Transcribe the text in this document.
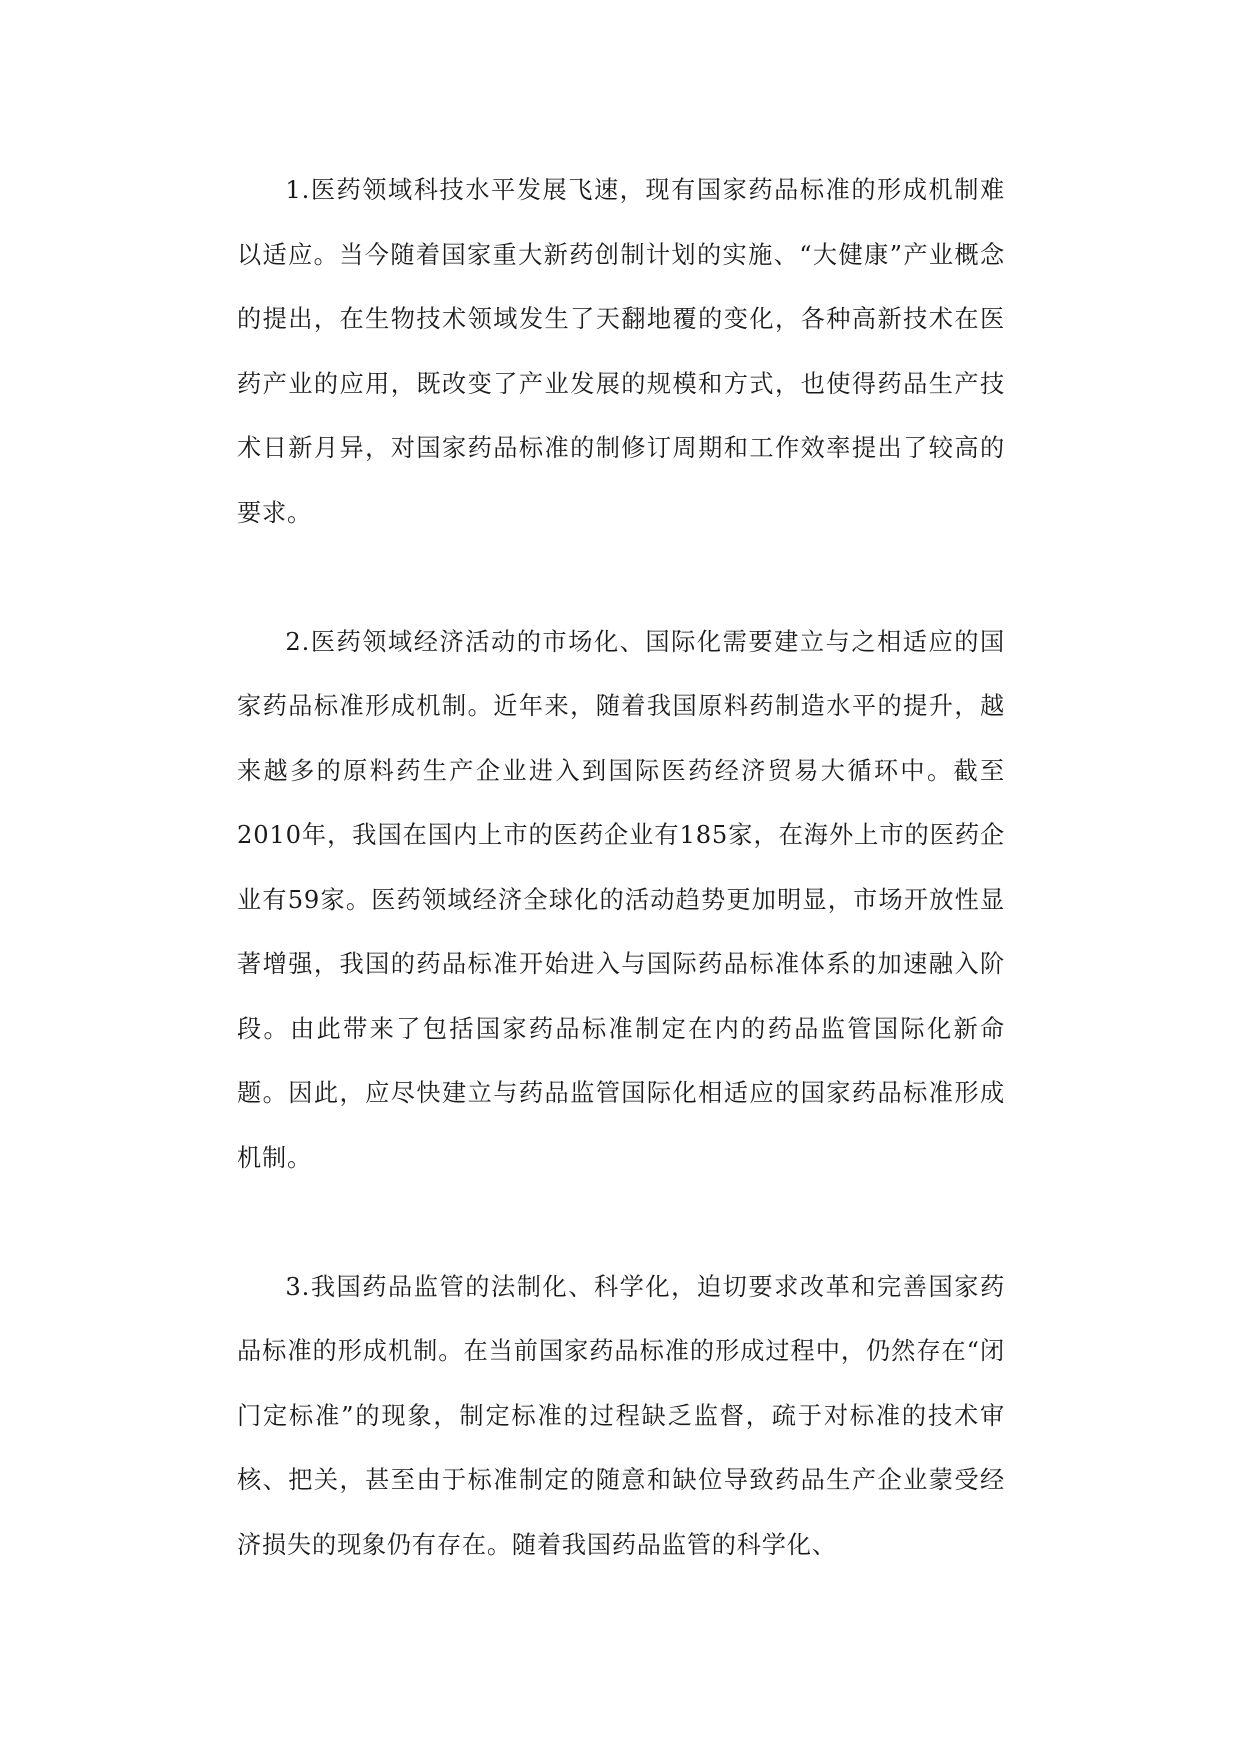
1.医药领域科技水平发展飞速，现有国家药品标准的形成机制难以适应。当今随着国家重大新药创制计划的实施、“大健康”产业概念的提出，在生物技术领域发生了天翻地覆的变化，各种高新技术在医药产业的应用，既改变了产业发展的规模和方式，也使得药品生产技术日新月异，对国家药品标准的制修订周期和工作效率提出了较高的要求。

2.医药领域经济活动的市场化、国际化需要建立与之相适应的国家药品标准形成机制。近年来，随着我国原料药制造水平的提升，越来越多的原料药生产企业进入到国际医药经济贸易大循环中。截至2010年，我国在国内上市的医药企业有185家，在海外上市的医药企业有59家。医药领域经济全球化的活动趋势更加明显，市场开放性显著增强，我国的药品标准开始进入与国际药品标准体系的加速融入阶段。由此带来了包括国家药品标准制定在内的药品监管国际化新命题。因此，应尽快建立与药品监管国际化相适应的国家药品标准形成机制。

3.我国药品监管的法制化、科学化，迫切要求改革和完善国家药品标准的形成机制。在当前国家药品标准的形成过程中，仍然存在“闭门定标准”的现象，制定标准的过程缺乏监督，疏于对标准的技术审核、把关，甚至由于标准制定的随意和缺位导致药品生产企业蒙受经济损失的现象仍有存在。随着我国药品监管的科学化、
